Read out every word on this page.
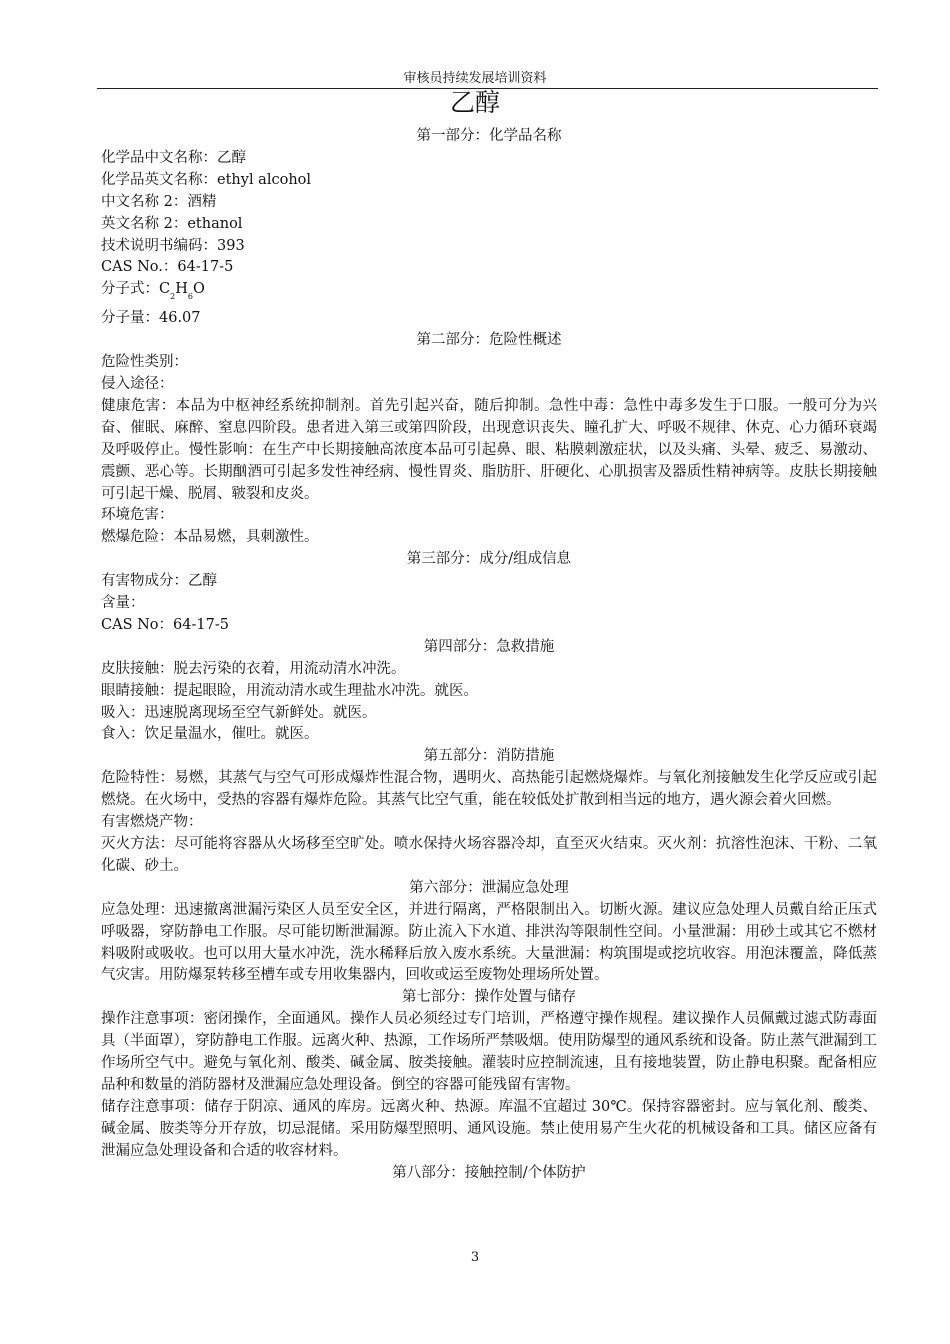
审核员持续发展培训资料
乙醇
第一部分：化学品名称
化学品中文名称：乙醇
化学品英文名称：ethyl alcohol
中文名称 2：酒精
英文名称 2：ethanol
技术说明书编码：393
CAS No.：64-17-5
分子式：$C_2H_6O$
分子量：46.07
第二部分：危险性概述
危险性类别：
侵入途径：
健康危害：本品为中枢神经系统抑制剂。首先引起兴奋，随后抑制。急性中毒：急性中毒多发生于口服。一般可分为兴奋、催眠、麻醉、窒息四阶段。患者进入第三或第四阶段，出现意识丧失、瞳孔扩大、呼吸不规律、休克、心力循环衰竭及呼吸停止。慢性影响：在生产中长期接触高浓度本品可引起鼻、眼、粘膜刺激症状，以及头痛、头晕、疲乏、易激动、震颤、恶心等。长期酗酒可引起多发性神经病、慢性胃炎、脂肪肝、肝硬化、心肌损害及器质性精神病等。皮肤长期接触可引起干燥、脱屑、皲裂和皮炎。
环境危害：
燃爆危险：本品易燃，具刺激性。
第三部分：成分/组成信息
有害物成分：乙醇
含量：
CAS No：64-17-5
第四部分：急救措施
皮肤接触：脱去污染的衣着，用流动清水冲洗。
眼睛接触：提起眼睑，用流动清水或生理盐水冲洗。就医。
吸入：迅速脱离现场至空气新鲜处。就医。
食入：饮足量温水，催吐。就医。
第五部分：消防措施
危险特性：易燃，其蒸气与空气可形成爆炸性混合物，遇明火、高热能引起燃烧爆炸。与氧化剂接触发生化学反应或引起燃烧。在火场中，受热的容器有爆炸危险。其蒸气比空气重，能在较低处扩散到相当远的地方，遇火源会着火回燃。
有害燃烧产物：
灭火方法：尽可能将容器从火场移至空旷处。喷水保持火场容器冷却，直至灭火结束。灭火剂：抗溶性泡沫、干粉、二氧化碳、砂土。
第六部分：泄漏应急处理
应急处理：迅速撤离泄漏污染区人员至安全区，并进行隔离，严格限制出入。切断火源。建议应急处理人员戴自给正压式呼吸器，穿防静电工作服。尽可能切断泄漏源。防止流入下水道、排洪沟等限制性空间。小量泄漏：用砂土或其它不燃材料吸附或吸收。也可以用大量水冲洗，洗水稀释后放入废水系统。大量泄漏：构筑围堤或挖坑收容。用泡沫覆盖，降低蒸气灾害。用防爆泵转移至槽车或专用收集器内，回收或运至废物处理场所处置。
第七部分：操作处置与储存
操作注意事项：密闭操作，全面通风。操作人员必须经过专门培训，严格遵守操作规程。建议操作人员佩戴过滤式防毒面具（半面罩），穿防静电工作服。远离火种、热源，工作场所严禁吸烟。使用防爆型的通风系统和设备。防止蒸气泄漏到工作场所空气中。避免与氧化剂、酸类、碱金属、胺类接触。灌装时应控制流速，且有接地装置，防止静电积聚。配备相应品种和数量的消防器材及泄漏应急处理设备。倒空的容器可能残留有害物。
储存注意事项：储存于阴凉、通风的库房。远离火种、热源。库温不宜超过 30℃。保持容器密封。应与氧化剂、酸类、碱金属、胺类等分开存放，切忌混储。采用防爆型照明、通风设施。禁止使用易产生火花的机械设备和工具。储区应备有泄漏应急处理设备和合适的收容材料。
第八部分：接触控制/个体防护
3
